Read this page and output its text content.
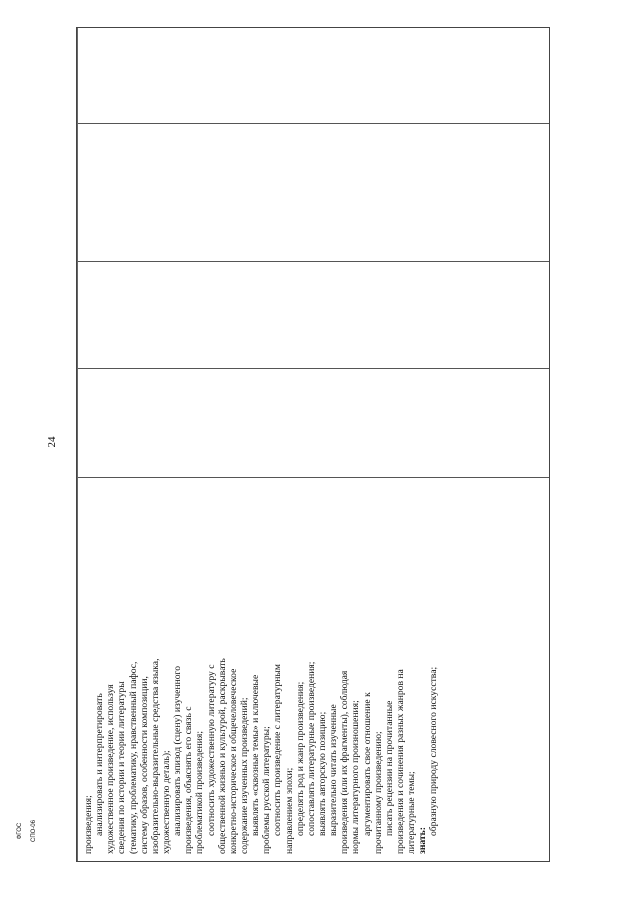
24
произведения; анализировать и интерпретировать художественное произведение, используя сведения по истории и теории литературы (тематику, проблематику, нравственный пафос, систему образов, особенности композиции, изобразительно-выразительные средства языка, художественную деталь); анализировать эпизод (сцену) изученного произведения, объяснять его связь с проблематикой произведения; соотносить художественную литературу с общественной жизнью и культурой, раскрывать конкретно-историческое и общечеловеческое содержание изученных произведений; выявлять «сквозные темы» и ключевые проблемы русской литературы; соотносить произведение с литературным направлением эпохи; определять род и жанр произведения; сопоставлять литературные произведения; выявлять авторскую позицию; выразительно читать изученные произведения (или их фрагменты), соблюдая нормы литературного произношения; аргументировать свое отношение к прочитанному произведению; писать рецензии на прочитанные произведения и сочинения разных жанров на литературные темы; знать:
образную природу словесного искусства;
ФГОС СПО-06
